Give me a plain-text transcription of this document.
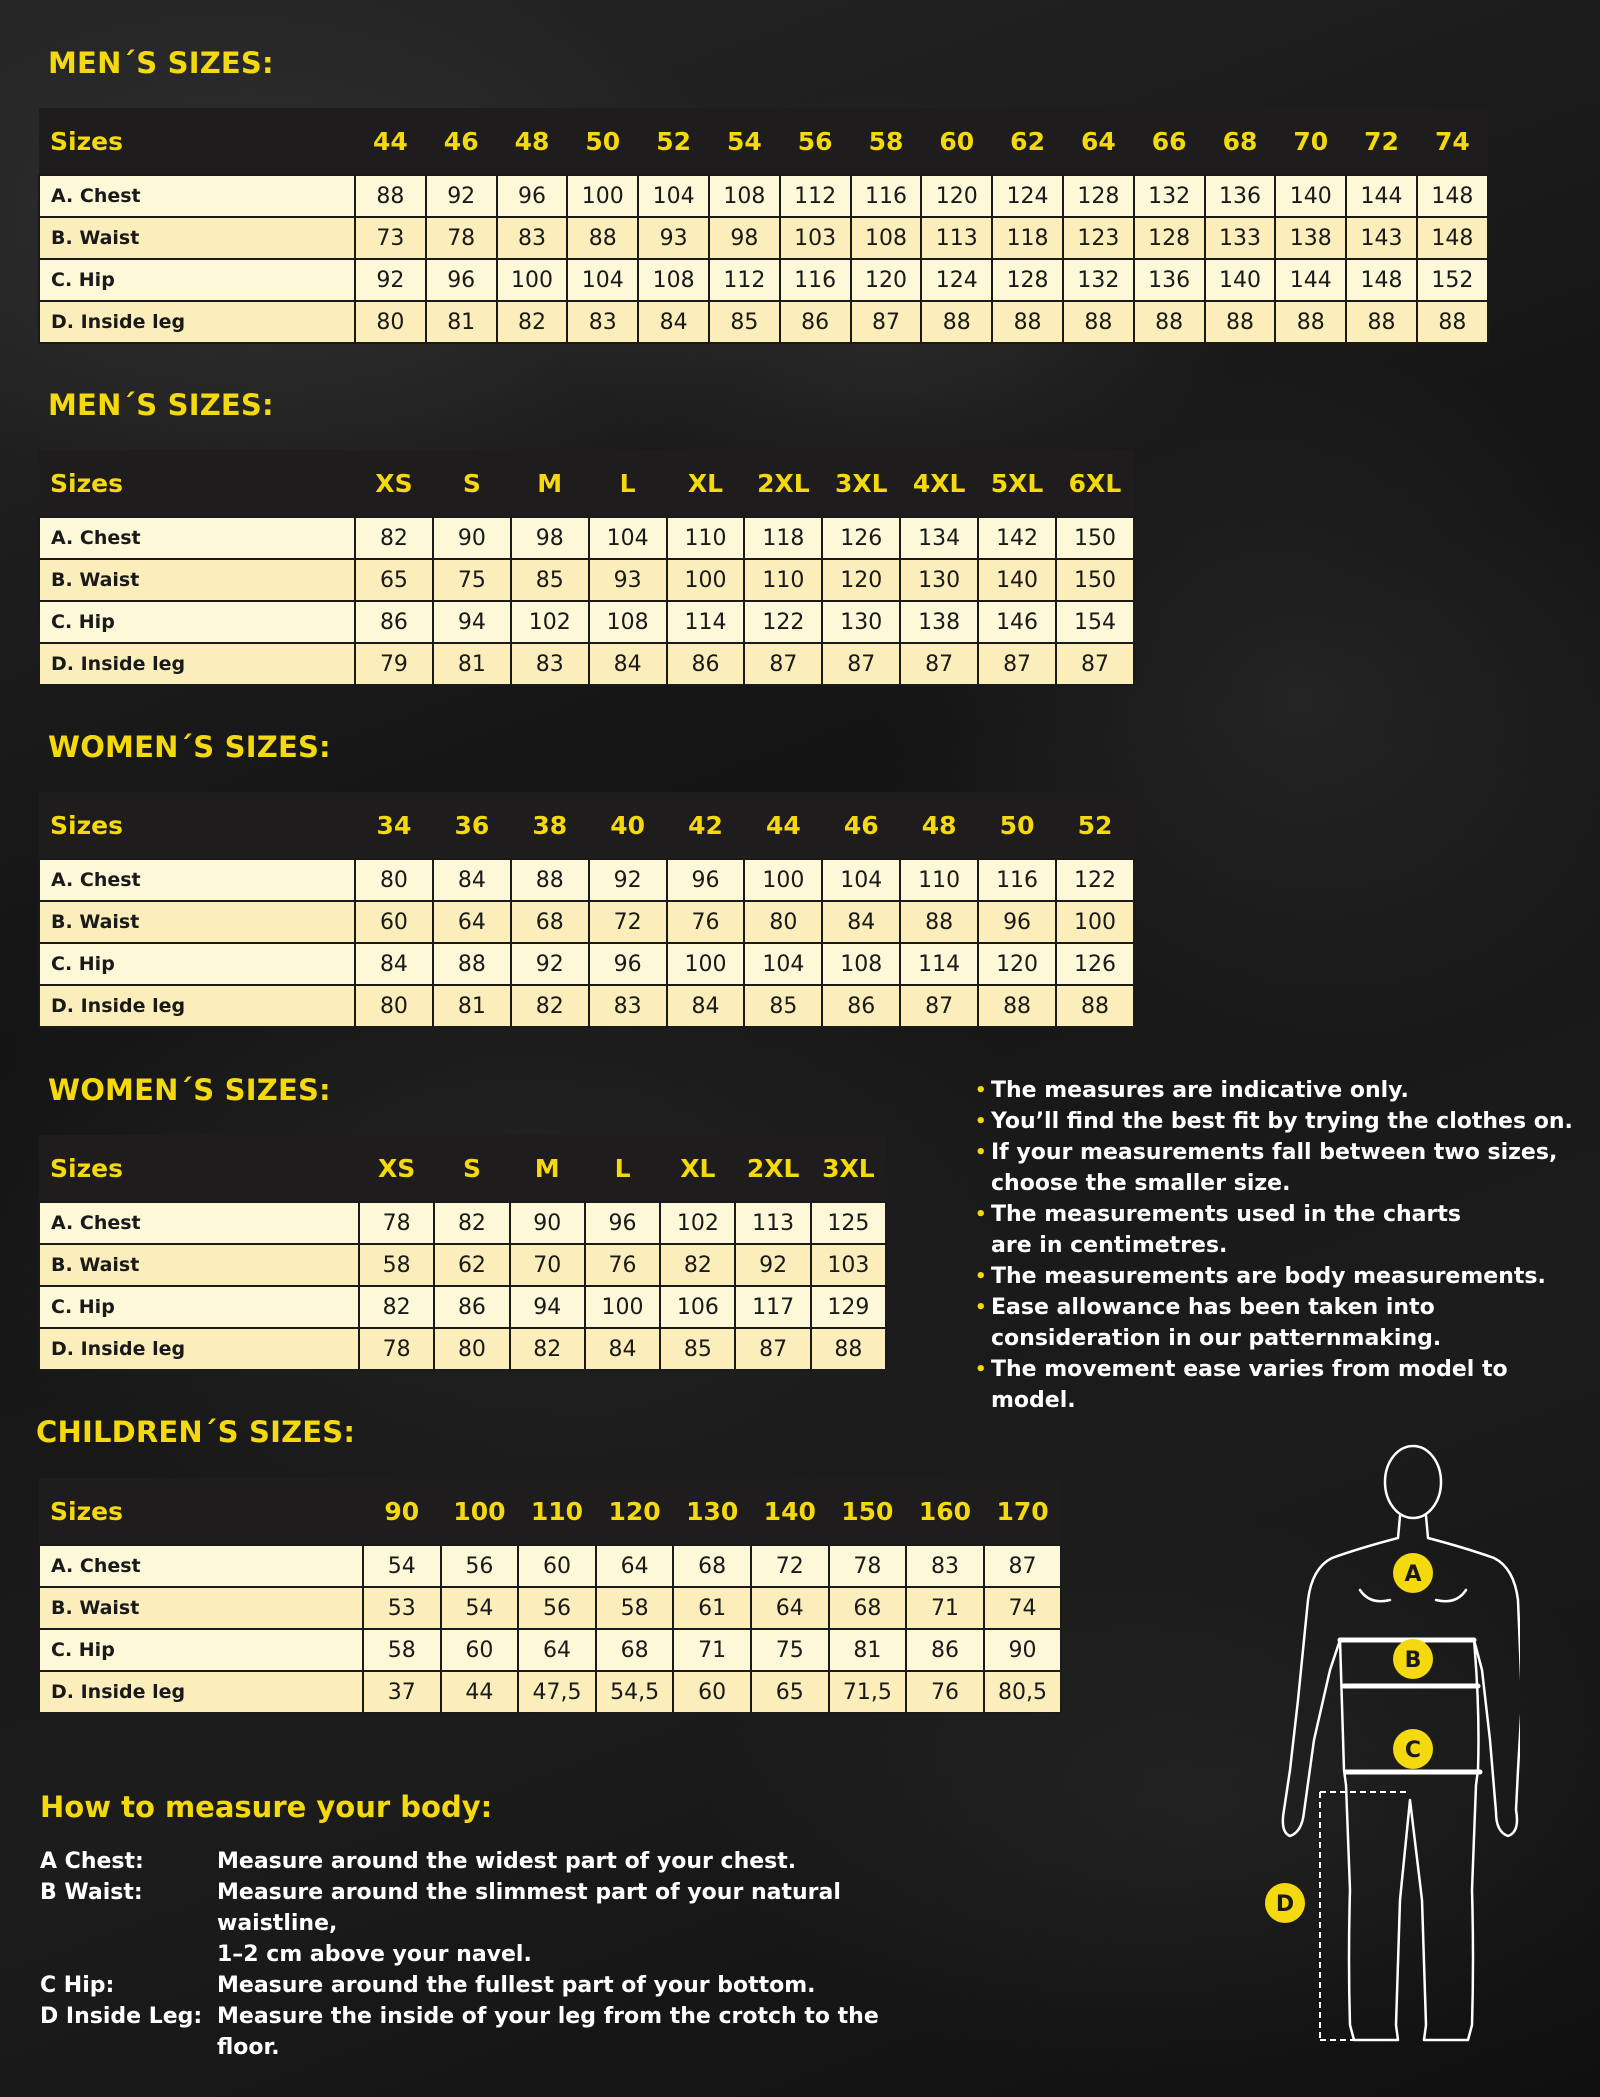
MEN´S SIZES:
Sizes	44	46	48	50	52	54	56	58	60	62	64	66	68	70	72	74
A. Chest	88	92	96	100	104	108	112	116	120	124	128	132	136	140	144	148
B. Waist	73	78	83	88	93	98	103	108	113	118	123	128	133	138	143	148
C. Hip	92	96	100	104	108	112	116	120	124	128	132	136	140	144	148	152
D. Inside leg	80	81	82	83	84	85	86	87	88	88	88	88	88	88	88	88
MEN´S SIZES:
Sizes	XS	S	M	L	XL	2XL	3XL	4XL	5XL	6XL
A. Chest	82	90	98	104	110	118	126	134	142	150
B. Waist	65	75	85	93	100	110	120	130	140	150
C. Hip	86	94	102	108	114	122	130	138	146	154
D. Inside leg	79	81	83	84	86	87	87	87	87	87
WOMEN´S SIZES:
Sizes	34	36	38	40	42	44	46	48	50	52
A. Chest	80	84	88	92	96	100	104	110	116	122
B. Waist	60	64	68	72	76	80	84	88	96	100
C. Hip	84	88	92	96	100	104	108	114	120	126
D. Inside leg	80	81	82	83	84	85	86	87	88	88
WOMEN´S SIZES:
Sizes	XS	S	M	L	XL	2XL	3XL
A. Chest	78	82	90	96	102	113	125
B. Waist	58	62	70	76	82	92	103
C. Hip	82	86	94	100	106	117	129
D. Inside leg	78	80	82	84	85	87	88
CHILDREN´S SIZES:
Sizes	90	100	110	120	130	140	150	160	170
A. Chest	54	56	60	64	68	72	78	83	87
B. Waist	53	54	56	58	61	64	68	71	74
C. Hip	58	60	64	68	71	75	81	86	90
D. Inside leg	37	44	47,5	54,5	60	65	71,5	76	80,5
• The measures are indicative only.
• You’ll find the best fit by trying the clothes on.
• If your measurements fall between two sizes,
choose the smaller size.
• The measurements used in the charts
are in centimetres.
• The measurements are body measurements.
• Ease allowance has been taken into
consideration in our patternmaking.
• The movement ease varies from model to model.
How to measure your body:
A Chest:	Measure around the widest part of your chest.
B Waist:	Measure around the slimmest part of your natural waistline,
1–2 cm above your navel.
C Hip:	Measure around the fullest part of your bottom.
D Inside Leg: Measure the inside of your leg from the crotch to the floor.
A
B
C
D
